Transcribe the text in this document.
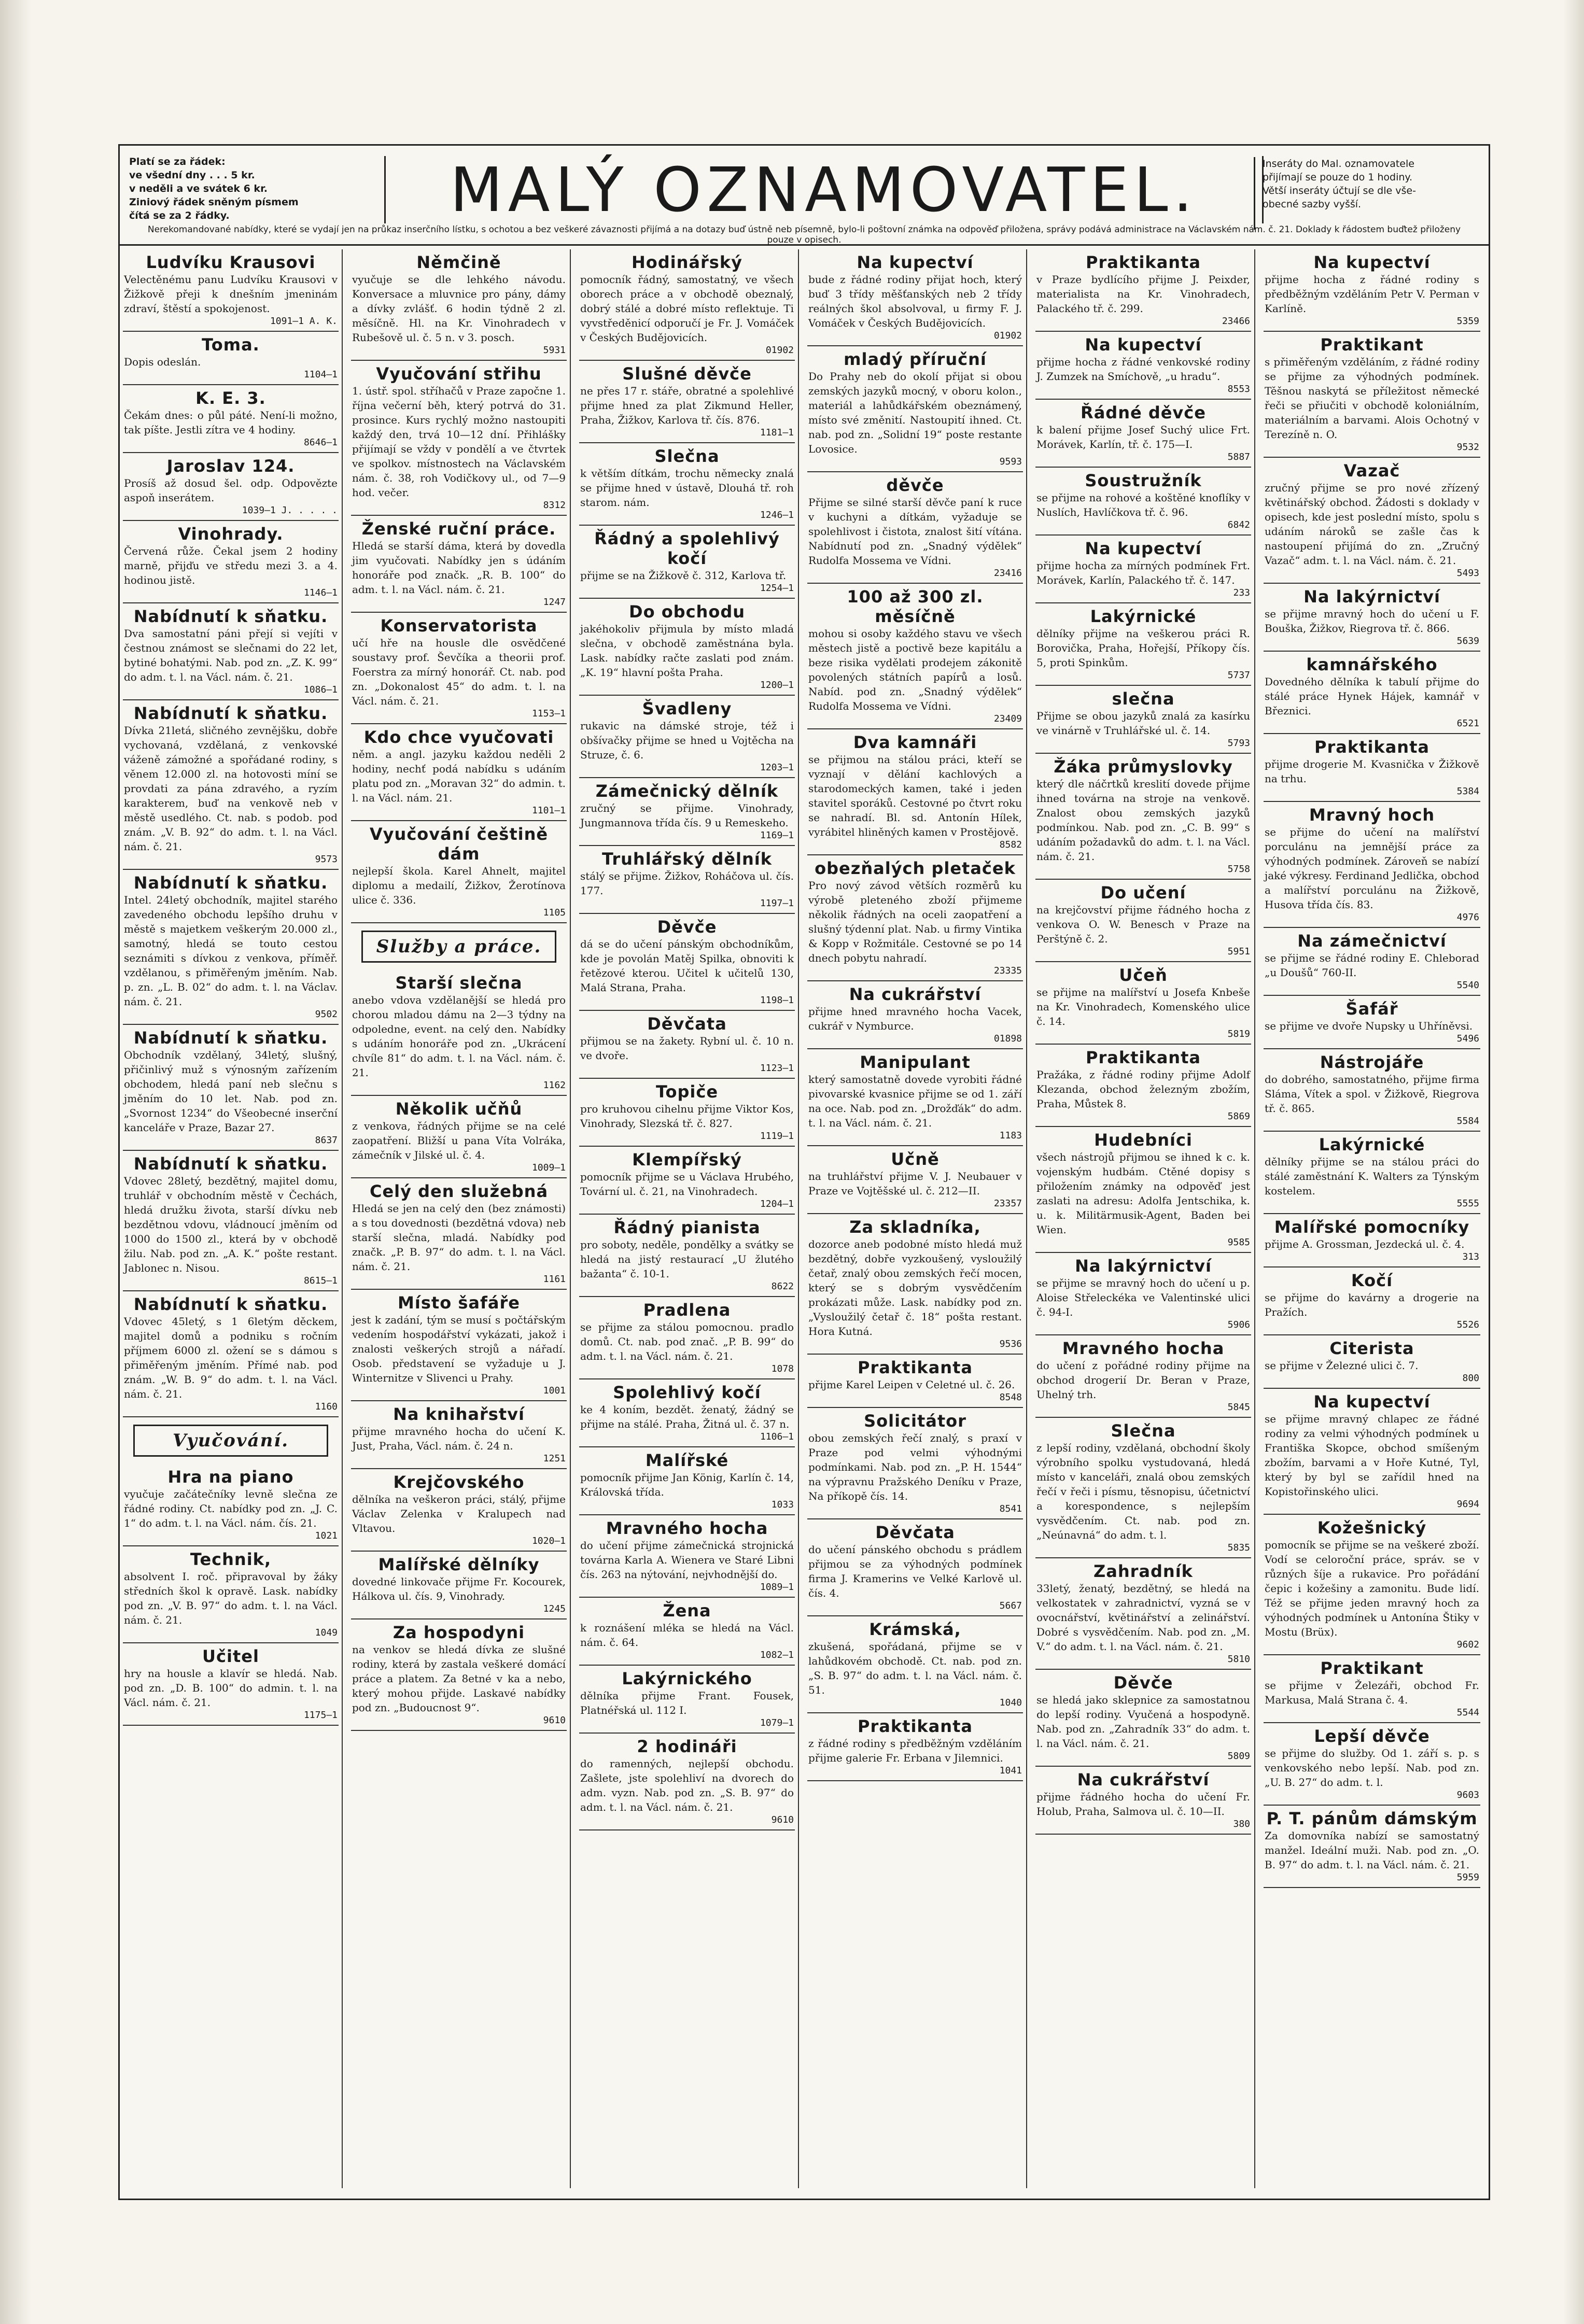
Platí se za řádek:
ve všední dny . . . 5 kr.
v neděli a ve svátek 6 kr.
Ziniový řádek sněným písmem
čítá se za 2 řádky.	MALÝ OZNAMOVATEL.	Inseráty do Mal. oznamovatele
přijímají se pouze do 1 hodiny.
Větší inseráty účtují se dle vše-
obecné sazby vyšší.
Nerekomandované nabídky, které se vydají jen na průkaz inserčního lístku, s ochotou a bez veškeré závaznosti přijímá a na dotazy buď ústně neb písemně, bylo-li poštovní známka na odpověď přiložena, správy podává administrace na Václavském nám. č. 21. Doklady k řádostem buďtež přiloženy pouze v opisech.
Ludvíku Krausovi
Velectěnému panu Ludvíku Krausovi v Žižkově přeji k dnešním jmeninám zdraví, štěstí a spokojenost.
1091—1 A. K.
Toma.
Dopis odeslán.
1104—1
K. E. 3.
Čekám dnes: o půl páté. Není-li možno, tak píšte. Jestli zítra ve 4 hodiny.
8646—1
Jaroslav 124.
Prosíš až dosud šel. odp. Odpovězte aspoň inserátem.
1039—1 J. . . . .
Vinohrady.
Červená růže. Čekal jsem 2 hodiny marně, přijďu ve středu mezi 3. a 4. hodinou jistě.
1146—1
Nabídnutí k sňatku.
Dva samostatní páni přejí si vejíti v čestnou známost se slečnami do 22 let, bytiné bohatými. Nab. pod zn. „Z. K. 99“ do adm. t. l. na Václ. nám. č. 21.
1086—1
Nabídnutí k sňatku.
Dívka 21letá, sličného zevnějšku, dobře vychovaná, vzdělaná, z venkovské váženě zámožné a spořádané rodiny, s věnem 12.000 zl. na hotovosti míní se provdati za pána zdravého, a ryzím karakterem, buď na venkově neb v městě usedlého. Ct. nab. s podob. pod znám. „V. B. 92“ do adm. t. l. na Václ. nám. č. 21.
9573
Nabídnutí k sňatku.
Intel. 24letý obchodník, majitel starého zavedeného obchodu lepšího druhu v městě s majetkem veškerým 20.000 zl., samotný, hledá se touto cestou seznámiti s dívkou z venkova, příměř. vzdělanou, s přiměřeným jměním. Nab. p. zn. „L. B. 02“ do adm. t. l. na Václav. nám. č. 21.
9502
Nabídnutí k sňatku.
Obchodník vzdělaný, 34letý, slušný, přičinlivý muž s výnosným zařízením obchodem, hledá paní neb slečnu s jměním do 10 let. Nab. pod zn. „Svornost 1234“ do Všeobecné inserční kanceláře v Praze, Bazar 27.
8637
Nabídnutí k sňatku.
Vdovec 28letý, bezdětný, majitel domu, truhlář v obchodním městě v Čechách, hledá družku života, starší dívku neb bezdětnou vdovu, vládnoucí jměním od 1000 do 1500 zl., která by v obchodě žilu. Nab. pod zn. „A. K.“ pošte restant. Jablonec n. Nisou.
8615—1
Nabídnutí k sňatku.
Vdovec 45letý, s 1 6letým děckem, majitel domů a podniku s ročním příjmem 6000 zl. ožení se s dámou s přiměřeným jměním. Přímé nab. pod znám. „W. B. 9“ do adm. t. l. na Václ. nám. č. 21.
1160
Vyučování.
Hra na piano
vyučuje začátečníky levně slečna ze řádné rodiny. Ct. nabídky pod zn. „J. C. 1“ do adm. t. l. na Václ. nám. čís. 21.
1021
Technik,
absolvent I. roč. připravoval by žáky středních škol k opravě. Lask. nabídky pod zn. „V. B. 97“ do adm. t. l. na Václ. nám. č. 21.
1049
Učitel
hry na housle a klavír se hledá. Nab. pod zn. „D. B. 100“ do admin. t. l. na Václ. nám. č. 21.
1175—1
Němčině
vyučuje se dle lehkého návodu. Konversace a mluvnice pro pány, dámy a dívky zvlášť. 6 hodin týdně 2 zl. měsíčně. Hl. na Kr. Vinohradech v Rubešově ul. č. 5 n. v 3. posch.
5931
Vyučování střihu
1. ústř. spol. stříhačů v Praze započne 1. října večerní běh, který potrvá do 31. prosince. Kurs rychlý možno nastoupiti každý den, trvá 10—12 dní. Přihlášky přijímají se vždy v pondělí a ve čtvrtek ve spolkov. místnostech na Václavském nám. č. 38, roh Vodičkovy ul., od 7—9 hod. večer.
8312
Ženské ruční práce.
Hledá se starší dáma, která by dovedla jim vyučovati. Nabídky jen s údáním honoráře pod značk. „R. B. 100“ do adm. t. l. na Václ. nám. č. 21.
1247
Konservatorista
učí hře na housle dle osvědčené soustavy prof. Ševčíka a theorii prof. Foerstra za mírný honorář. Ct. nab. pod zn. „Dokonalost 45“ do adm. t. l. na Václ. nám. č. 21.
1153—1
Kdo chce vyučovati
něm. a angl. jazyku každou neděli 2 hodiny, nechť podá nabídku s udáním platu pod zn. „Moravan 32“ do admin. t. l. na Václ. nám. 21.
1101—1
Vyučování češtině dám
nejlepší škola. Karel Ahnelt, majitel diplomu a medailí, Žižkov, Žerotínova ulice č. 336.
1105
Služby a práce.
Starší slečna
anebo vdova vzdělanější se hledá pro chorou mladou dámu na 2—3 týdny na odpoledne, event. na celý den. Nabídky s udáním honoráře pod zn. „Ukrácení chvíle 81“ do adm. t. l. na Václ. nám. č. 21.
1162
Několik učňů
z venkova, řádných přijme se na celé zaopatření. Bližší u pana Víta Volráka, zámečník v Jilské ul. č. 4.
1009—1
Celý den služebná
Hledá se jen na celý den (bez známosti) a s tou dovednosti (bezdětná vdova) neb starší slečna, mladá. Nabídky pod značk. „P. B. 97“ do adm. t. l. na Václ. nám. č. 21.
1161
Místo šafáře
jest k zadání, tým se musí s počtářským vedením hospodářství vykázati, jakož i znalosti veškerých strojů a nářadí. Osob. představení se vyžaduje u J. Winternitze v Slivenci u Prahy.
1001
Na knihařství
přijme mravného hocha do učení K. Just, Praha, Václ. nám. č. 24 n.
1251
Krejčovského
dělníka na veškeron práci, stálý, přijme Václav Zelenka v Kralupech nad Vltavou.
1020—1
Malířské dělníky
dovedné linkovače přijme Fr. Kocourek, Hálkova ul. čís. 9, Vinohrady.
1245
Za hospodyni
na venkov se hledá dívka ze slušné rodiny, která by zastala veškeré domácí práce a platem. Za 8etné v ka a nebo, který mohou přijde. Laskavé nabídky pod zn. „Budoucnost 9“.
9610
Hodinářský
pomocník řádný, samostatný, ve všech oborech práce a v obchodě obeznalý, dobrý stálé a dobré místo reflektuje. Ti vyvstředěnicí odporučí je Fr. J. Vomáček v Českých Budějovicích.
01902
Slušné děvče
ne přes 17 r. stáře, obratné a spolehlivé přijme hned za plat Zikmund Heller, Praha, Žižkov, Karlova tř. čís. 876.
1181—1
Slečna
k větším dítkám, trochu německy znalá se přijme hned v ústavě, Dlouhá tř. roh starom. nám.
1246—1
Řádný a spolehlivý kočí
přijme se na Žižkově č. 312, Karlova tř.
1254—1
Do obchodu
jakéhokoliv přijmula by místo mladá slečna, v obchodě zaměstnána byla. Lask. nabídky račte zaslati pod znám. „K. 19“ hlavní pošta Praha.
1200—1
Švadleny
rukavic na dámské stroje, též i obšívačky přijme se hned u Vojtěcha na Struze, č. 6.
1203—1
Zámečnický dělník
zručný se přijme. Vinohrady, Jungmannova třída čís. 9 u Remeskeho.
1169—1
Truhlářský dělník
stálý se přijme. Žižkov, Roháčova ul. čís. 177.
1197—1
Děvče
dá se do učení pánským obchodníkům, kde je povolán Matěj Spilka, obnoviti k řetězové kterou. Učitel k učitelů 130, Malá Strana, Praha.
1198—1
Děvčata
přijmou se na žakety. Rybní ul. č. 10 n. ve dvoře.
1123—1
Topiče
pro kruhovou cihelnu přijme Viktor Kos, Vinohrady, Slezská tř. č. 827.
1119—1
Klempířský
pomocník přijme se u Václava Hrubého, Tovární ul. č. 21, na Vinohradech.
1204—1
Řádný pianista
pro soboty, neděle, pondělky a svátky se hledá na jistý restaurací „U žlutého bažanta“ č. 10-1.
8622
Pradlena
se přijme za stálou pomocnou. pradlo domů. Ct. nab. pod znač. „P. B. 99“ do adm. t. l. na Václ. nám. č. 21.
1078
Spolehlivý kočí
ke 4 koním, bezdět. ženatý, žádný se přijme na stálé. Praha, Žitná ul. č. 37 n.
1106—1
Malířské
pomocník přijme Jan König, Karlín č. 14, Královská třída.
1033
Mravného hocha
do učení přijme zámečnická strojnická továrna Karla A. Wienera ve Staré Libni čís. 263 na nýtování, nejvhodnější do.
1089—1
Žena
k roznášení mléka se hledá na Václ. nám. č. 64.
1082—1
Lakýrnického
dělníka přijme Frant. Fousek, Platnéřská ul. 112 I.
1079—1
2 hodináři
do ramenných, nejlepší obchodu. Zašlete, jste spolehliví na dvorech do adm. vyzn. Nab. pod zn. „S. B. 97“ do adm. t. l. na Václ. nám. č. 21.
9610
Na kupectví
bude z řádné rodiny přijat hoch, který buď 3 třídy měšťanských neb 2 třídy reálných škol absolvoval, u firmy F. J. Vomáček v Českých Budějovicích.
01902
mladý příruční
Do Prahy neb do okolí přijat si obou zemských jazyků mocný, v oboru kolon., materiál a lahůdkářském obeznámený, místo své změnití. Nastoupití ihned. Ct. nab. pod zn. „Solidní 19“ poste restante Lovosice.
9593
děvče
Přijme se silné starší děvče paní k ruce v kuchyni a dítkám, vyžaduje se spolehlivost i čistota, znalost šití vítána. Nabídnutí pod zn. „Snadný výdělek“ Rudolfa Mossema ve Vídni.
23416
100 až 300 zl. měsíčně
mohou si osoby každého stavu ve všech městech jistě a poctivě beze kapitálu a beze risika vydělati prodejem zákonitě povolených státních papírů a losů. Nabíd. pod zn. „Snadný výdělek“ Rudolfa Mossema ve Vídni.
23409
Dva kamnáři
se přijmou na stálou práci, kteří se vyznají v dělání kachlových a starodomeckých kamen, také i jeden stavitel sporáků. Cestovné po čtvrt roku se nahradí. Bl. sd. Antonín Hílek, vyrábitel hliněných kamen v Prostějově.
8582
obezňalých pletaček
Pro nový závod větších rozměrů ku výrobě pleteného zboží přijmeme několik řádných na oceli zaopatření a slušný týdenní plat. Nab. u firmy Vintika & Kopp v Rožmitále. Cestovné se po 14 dnech pobytu nahradí.
23335
Na cukrářství
přijme hned mravného hocha Vacek, cukrář v Nymburce.
01898
Manipulant
který samostatně dovede vyrobiti řádné pivovarské kvasnice přijme se od 1. září na oce. Nab. pod zn. „Drožďák“ do adm. t. l. na Václ. nám. č. 21.
1183
Učně
na truhlářství přijme V. J. Neubauer v Praze ve Vojtěšské ul. č. 212—II.
23357
Za skladníka,
dozorce aneb podobné místo hledá muž bezdětný, dobře vyzkoušený, vysloužilý četař, znalý obou zemských řečí mocen, který se s dobrým vysvědčením prokázati může. Lask. nabídky pod zn. „Vysloužilý četař č. 18“ pošta restant. Hora Kutná.
9536
Praktikanta
přijme Karel Leipen v Celetné ul. č. 26.
8548
Solicitátor
obou zemských řečí znalý, s praxí v Praze pod velmi výhodnými podmínkami. Nab. pod zn. „P. H. 1544“ na výpravnu Pražského Deníku v Praze, Na příkopě čís. 14.
8541
Děvčata
do učení pánského obchodu s prádlem přijmou se za výhodných podmínek firma J. Kramerins ve Velké Karlově ul. čís. 4.
5667
Krámská,
zkušená, spořádaná, přijme se v lahůdkovém obchodě. Ct. nab. pod zn. „S. B. 97“ do adm. t. l. na Václ. nám. č. 51.
1040
Praktikanta
z řádné rodiny s předběžným vzděláním přijme galerie Fr. Erbana v Jilemnici.
1041
Praktikanta
v Praze bydlícího přijme J. Peixder, materialista na Kr. Vinohradech, Palackého tř. č. 299.
23466
Na kupectví
přijme hocha z řádné venkovské rodiny J. Zumzek na Smíchově, „u hradu“.
8553
Řádné děvče
k balení přijme Josef Suchý ulice Frt. Morávek, Karlín, tř. č. 175—I.
5887
Soustružník
se přijme na rohové a koštěné knoflíky v Nuslích, Havlíčkova tř. č. 96.
6842
Na kupectví
přijme hocha za mírných podmínek Frt. Morávek, Karlín, Palackého tř. č. 147.
233
Lakýrnické
dělníky přijme na veškerou práci R. Borovička, Praha, Hořejší, Příkopy čís. 5, proti Spinkům.
5737
slečna
Přijme se obou jazyků znalá za kasírku ve vinárně v Truhlářské ul. č. 14.
5793
Žáka průmyslovky
který dle náčrtků kreslití dovede přijme ihned továrna na stroje na venkově. Znalost obou zemských jazyků podmínkou. Nab. pod zn. „C. B. 99“ s udáním požadavků do adm. t. l. na Václ. nám. č. 21.
5758
Do učení
na krejčovství přijme řádného hocha z venkova O. W. Benesch v Praze na Perštýně č. 2.
5951
Učeň
se přijme na malířství u Josefa Knbeše na Kr. Vinohradech, Komenského ulice č. 14.
5819
Praktikanta
Pražáka, z řádné rodiny přijme Adolf Klezanda, obchod železným zbožím, Praha, Můstek 8.
5869
Hudebníci
všech nástrojů přijmou se ihned k c. k. vojenským hudbám. Ctěné dopisy s přiložením známky na odpověď jest zaslati na adresu: Adolfa Jentschika, k. u. k. Militärmusik-Agent, Baden bei Wien.
9585
Na lakýrnictví
se přijme se mravný hoch do učení u p. Aloise Střeleckéka ve Valentinské ulici č. 94-I.
5906
Mravného hocha
do učení z pořádné rodiny přijme na obchod drogerií Dr. Beran v Praze, Uhelný trh.
5845
Slečna
z lepší rodiny, vzdělaná, obchodní školy výrobního spolku vystudovaná, hledá místo v kanceláři, znalá obou zemských řečí v řeči i písmu, těsnopisu, účetnictví a korespondence, s nejlepším vysvědčením. Ct. nab. pod zn. „Neúnavná“ do adm. t. l.
5835
Zahradník
33letý, ženatý, bezdětný, se hledá na velkostatek v zahradnictví, vyzná se v ovocnářství, květinářství a zelinářství. Dobré s vysvědčením. Nab. pod zn. „M. V.“ do adm. t. l. na Václ. nám. č. 21.
5810
Děvče
se hledá jako sklepnice za samostatnou do lepší rodiny. Vyučená a hospodyně. Nab. pod zn. „Zahradník 33“ do adm. t. l. na Václ. nám. č. 21.
5809
Na cukrářství
přijme řádného hocha do učení Fr. Holub, Praha, Salmova ul. č. 10—II.
380
Na kupectví
přijme hocha z řádné rodiny s předběžným vzděláním Petr V. Perman v Karlíně.
5359
Praktikant
s přiměřeným vzděláním, z řádné rodiny se přijme za výhodných podmínek. Těšnou naskytá se příležitost německé řeči se přiučiti v obchodě koloniálním, materiálním a barvami. Alois Ochotný v Terezíně n. O.
9532
Vazač
zručný přijme se pro nové zřízený květinářský obchod. Žádosti s doklady v opisech, kde jest poslední místo, spolu s udáním nároků se zašle čas k nastoupení přijímá do zn. „Zručný Vazač“ adm. t. l. na Václ. nám. č. 21.
5493
Na lakýrnictví
se přijme mravný hoch do učení u F. Bouška, Žižkov, Riegrova tř. č. 866.
5639
kamnářského
Dovedného dělníka k tabulí přijme do stálé práce Hynek Hájek, kamnář v Březnici.
6521
Praktikanta
přijme drogerie M. Kvasnička v Žižkově na trhu.
5384
Mravný hoch
se přijme do učení na malířství porculánu na jemnější práce za výhodných podmínek. Zároveň se nabízí jaké výkresy. Ferdinand Jedlička, obchod a malířství porculánu na Žižkově, Husova třída čís. 83.
4976
Na zámečnictví
se přijme se řádné rodiny E. Chleborad „u Doušů“ 760-II.
5540
Šafář
se přijme ve dvoře Nupsky u Uhříněvsi.
5496
Nástrojáře
do dobrého, samostatného, přijme firma Sláma, Vítek a spol. v Žižkově, Riegrova tř. č. 865.
5584
Lakýrnické
dělníky přijme se na stálou práci do stálé zaměstnání K. Walters za Týnským kostelem.
5555
Malířské pomocníky
přijme A. Grossman, Jezdecká ul. č. 4.
313
Kočí
se přijme do kavárny a drogerie na Pražích.
5526
Citerista
se přijme v Železné ulici č. 7.
800
Na kupectví
se přijme mravný chlapec ze řádné rodiny za velmi výhodných podmínek u Františka Skopce, obchod smíšeným zbožím, barvami a v Hoře Kutné, Tyl, který by byl se zařídil hned na Kopistořinského ulici.
9694
Kožešnický
pomocník se přijme se na veškeré zboží. Vodí se celoroční práce, správ. se v různých šíje a rukavice. Pro pořádání čepic i kožešiny a zamonitu. Bude lidí. Též se přijme jeden mravný hoch za výhodných podmínek u Antonína Štiky v Mostu (Brüx).
9602
Praktikant
se přijme v Železáři, obchod Fr. Markusa, Malá Strana č. 4.
5544
Lepší děvče
se přijme do služby. Od 1. září s. p. s venkovského nebo lepší. Nab. pod zn. „U. B. 27“ do adm. t. l.
9603
P. T. pánům dámským
Za domovníka nabízí se samostatný manžel. Ideální muži. Nab. pod zn. „O. B. 97“ do adm. t. l. na Václ. nám. č. 21.
5959
